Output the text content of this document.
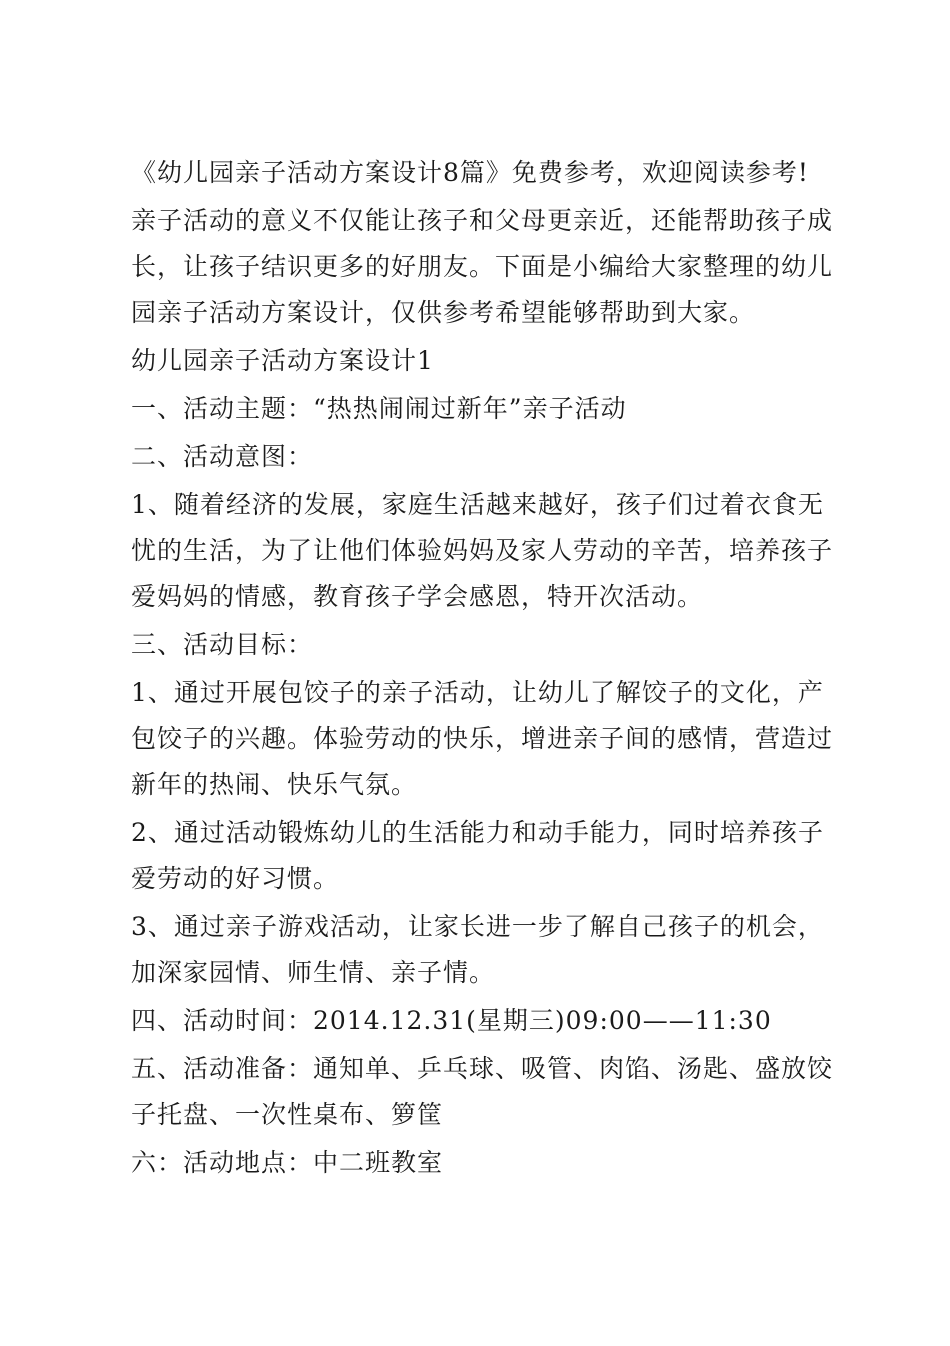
《幼儿园亲子活动方案设计8篇》免费参考，欢迎阅读参考!
亲子活动的意义不仅能让孩子和父母更亲近，还能帮助孩子成
长，让孩子结识更多的好朋友。下面是小编给大家整理的幼儿
园亲子活动方案设计，仅供参考希望能够帮助到大家。
幼儿园亲子活动方案设计1
一、活动主题：“热热闹闹过新年”亲子活动
二、活动意图：
1、随着经济的发展，家庭生活越来越好，孩子们过着衣食无
忧的生活，为了让他们体验妈妈及家人劳动的辛苦，培养孩子
爱妈妈的情感，教育孩子学会感恩，特开次活动。
三、活动目标：
1、通过开展包饺子的亲子活动，让幼儿了解饺子的文化，产
包饺子的兴趣。体验劳动的快乐，增进亲子间的感情，营造过
新年的热闹、快乐气氛。
2、通过活动锻炼幼儿的生活能力和动手能力，同时培养孩子
爱劳动的好习惯。
3、通过亲子游戏活动，让家长进一步了解自己孩子的机会，
加深家园情、师生情、亲子情。
四、活动时间：2014.12.31(星期三)09:00——11:30
五、活动准备：通知单、乒乓球、吸管、肉馅、汤匙、盛放饺
子托盘、一次性桌布、箩筐
六：活动地点：中二班教室
